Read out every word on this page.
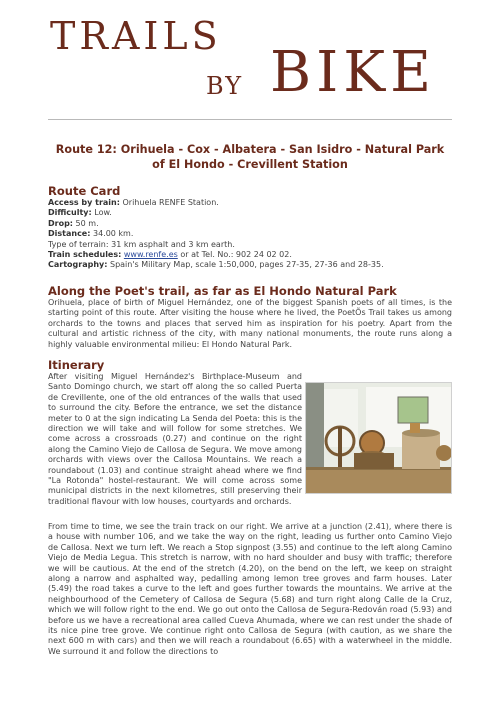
TRAILS
BY BIKE
Route 12: Orihuela - Cox - Albatera - San Isidro - Natural Park of El Hondo - Crevillent Station
Route Card
Access by train: Orihuela RENFE Station.
Difficulty: Low.
Drop: 50 m.
Distance: 34.00 km.
Type of terrain: 31 km asphalt and 3 km earth.
Train schedules: www.renfe.es or at Tel. No.: 902 24 02 02.
Cartography: Spain's Military Map, scale 1:50,000, pages 27-35, 27-36 and 28-35.
Along the Poet's trail, as far as El Hondo Natural Park
Orihuela, place of birth of Miguel Hernández, one of the biggest Spanish poets of all times, is the starting point of this route. After visiting the house where he lived, the PoetÕs Trail takes us among orchards to the towns and places that served him as inspiration for his poetry. Apart from the cultural and artistic richness of the city, with many national monuments, the route runs along a highly valuable environmental milieu: El Hondo Natural Park.
Itinerary
After visiting Miguel Hernández's Birthplace-Museum and Santo Domingo church, we start off along the so called Puerta de Crevillente, one of the old entrances of the walls that used to surround the city. Before the entrance, we set the distance meter to 0 at the sign indicating La Senda del Poeta: this is the direction we will take and will follow for some stretches. We come across a crossroads (0.27) and continue on the right along the Camino Viejo de Callosa de Segura. We move among orchards with views over the Callosa Mountains. We reach a roundabout (1.03) and continue straight ahead where we find "La Rotonda" hostel-restaurant. We will come across some municipal districts in the next kilometres, still preserving their traditional flavour with low houses, courtyards and orchards.
From time to time, we see the train track on our right. We arrive at a junction (2.41), where there is a house with number 106, and we take the way on the right, leading us further onto Camino Viejo de Callosa. Next we turn left. We reach a Stop signpost (3.55) and continue to the left along Camino Viejo de Media Legua. This stretch is narrow, with no hard shoulder and busy with traffic; therefore we will be cautious. At the end of the stretch (4.20), on the bend on the left, we keep on straight along a narrow and asphalted way, pedalling among lemon tree groves and farm houses. Later (5.49) the road takes a curve to the left and goes further towards the mountains. We arrive at the neighbourhood of the Cemetery of Callosa de Segura (5.68) and turn right along Calle de la Cruz, which we will follow right to the end. We go out onto the Callosa de Segura-Redován road (5.93) and before us we have a recreational area called Cueva Ahumada, where we can rest under the shade of its nice pine tree grove. We continue right onto Callosa de Segura (with caution, as we share the next 600 m with cars) and then we will reach a roundabout (6.65) with a waterwheel in the middle. We surround it and follow the directions to
